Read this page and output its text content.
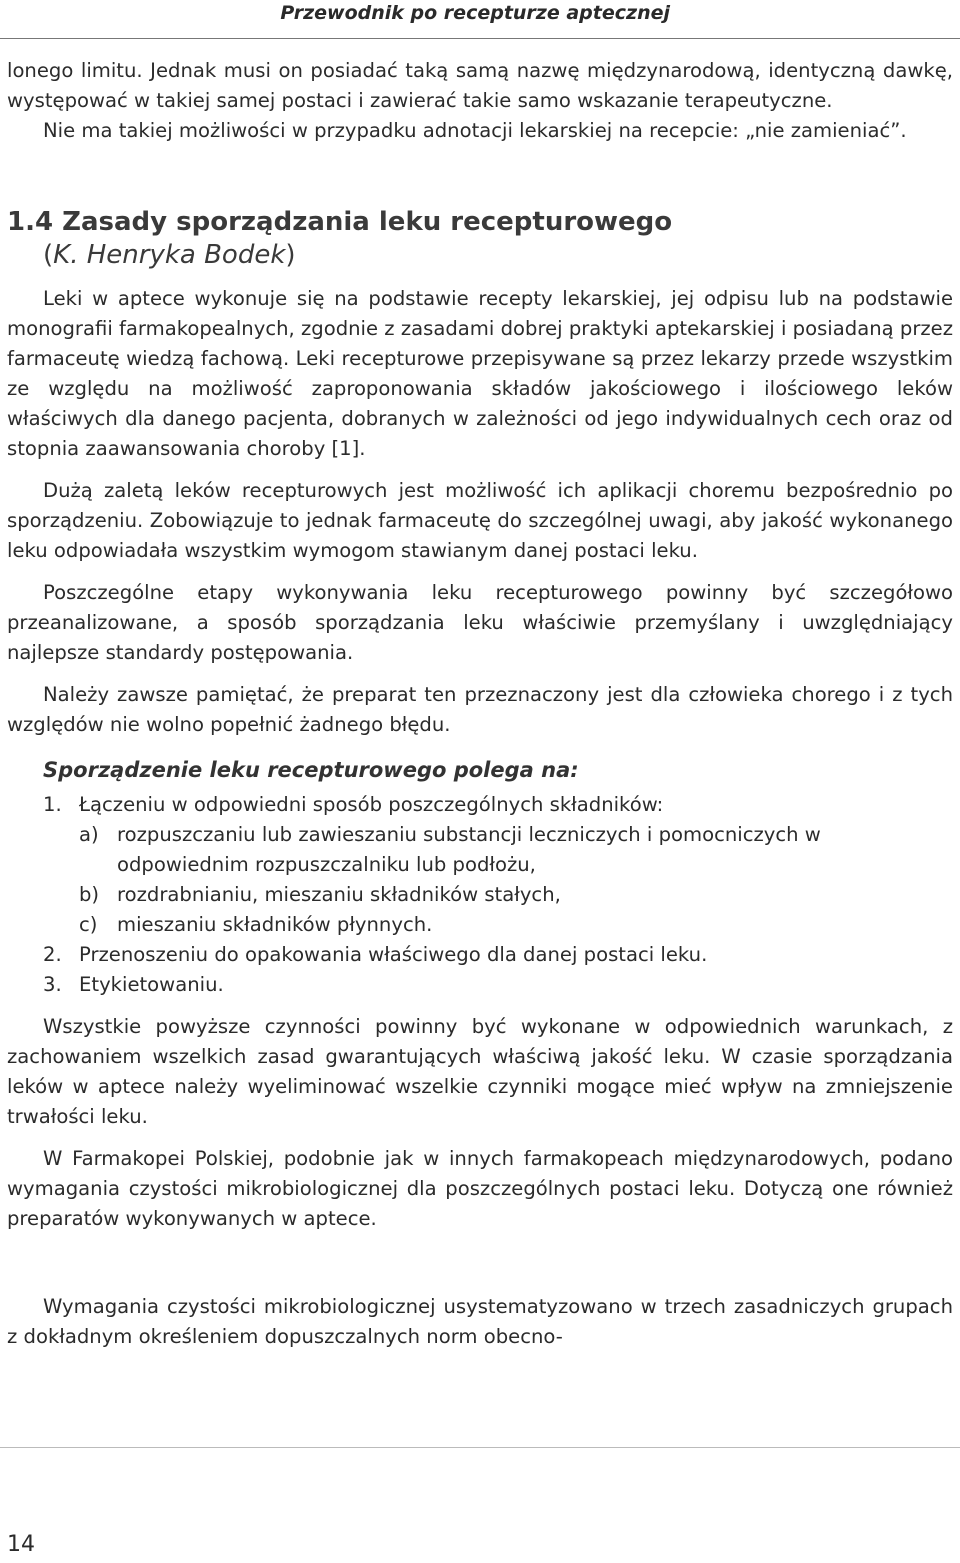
Przewodnik po recepturze aptecznej

lonego limitu. Jednak musi on posiadać taką samą nazwę międzynarodową, identyczną dawkę, występować w takiej samej postaci i zawierać takie samo wskazanie terapeutyczne.

Nie ma takiej możliwości w przypadku adnotacji lekarskiej na recepcie: „nie zamieniać”.

1.4 Zasady sporządzania leku recepturowego
(K. Henryka Bodek)

Leki w aptece wykonuje się na podstawie recepty lekarskiej, jej odpisu lub na podstawie monografii farmakopealnych, zgodnie z zasadami dobrej praktyki aptekarskiej i posiadaną przez farmaceutę wiedzą fachową. Leki recepturowe przepisywane są przez lekarzy przede wszystkim ze względu na możliwość zaproponowania składów jakościowego i ilościowego leków właściwych dla danego pacjenta, dobranych w zależności od jego indywidualnych cech oraz od stopnia zaawansowania choroby [1].

Dużą zaletą leków recepturowych jest możliwość ich aplikacji choremu bezpośrednio po sporządzeniu. Zobowiązuje to jednak farmaceutę do szczególnej uwagi, aby jakość wykonanego leku odpowiadała wszystkim wymogom stawianym danej postaci leku.

Poszczególne etapy wykonywania leku recepturowego powinny być szczegółowo przeanalizowane, a sposób sporządzania leku właściwie przemyślany i uwzględniający najlepsze standardy postępowania.

Należy zawsze pamiętać, że preparat ten przeznaczony jest dla człowieka chorego i z tych względów nie wolno popełnić żadnego błędu.

Sporządzenie leku recepturowego polega na:
1. Łączeniu w odpowiedni sposób poszczególnych składników:
a) rozpuszczaniu lub zawieszaniu substancji leczniczych i pomocniczych w odpowiednim rozpuszczalniku lub podłożu,
b) rozdrabnianiu, mieszaniu składników stałych,
c) mieszaniu składników płynnych.
2. Przenoszeniu do opakowania właściwego dla danej postaci leku.
3. Etykietowaniu.

Wszystkie powyższe czynności powinny być wykonane w odpowiednich warunkach, z zachowaniem wszelkich zasad gwarantujących właściwą jakość leku. W czasie sporządzania leków w aptece należy wyeliminować wszelkie czynniki mogące mieć wpływ na zmniejszenie trwałości leku.

W Farmakopei Polskiej, podobnie jak w innych farmakopeach międzynarodowych, podano wymagania czystości mikrobiologicznej dla poszczególnych postaci leku. Dotyczą one również preparatów wykonywanych w aptece.

Wymagania czystości mikrobiologicznej usystematyzowano w trzech zasadniczych grupach z dokładnym określeniem dopuszczalnych norm obecno-

14
